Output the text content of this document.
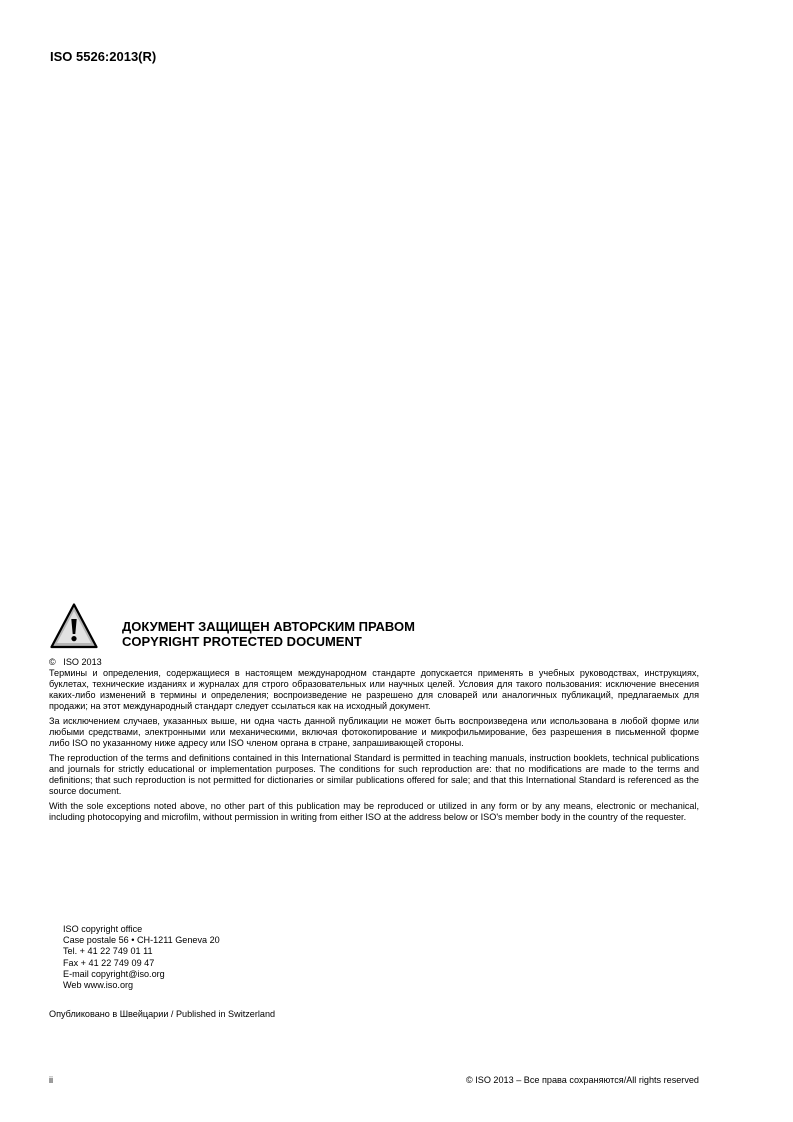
ISO 5526:2013(R)
ДОКУМЕНТ ЗАЩИЩЕН АВТОРСКИМ ПРАВОМ
COPYRIGHT PROTECTED DOCUMENT
© ISO 2013

Термины и определения, содержащиеся в настоящем международном стандарте допускается применять в учебных руководствах, инструкциях, буклетах, технические изданиях и журналах для строго образовательных или научных целей. Условия для такого пользования: исключение внесения каких-либо изменений в термины и определения; воспроизведение не разрешено для словарей или аналогичных публикаций, предлагаемых для продажи; на этот международный стандарт следует ссылаться как на исходный документ.

За исключением случаев, указанных выше, ни одна часть данной публикации не может быть воспроизведена или использована в любой форме или любыми средствами, электронными или механическими, включая фотокопирование и микрофильмирование, без разрешения в письменной форме либо ISO по указанному ниже адресу или ISO членом органа в стране, запрашивающей стороны.

The reproduction of the terms and definitions contained in this International Standard is permitted in teaching manuals, instruction booklets, technical publications and journals for strictly educational or implementation purposes. The conditions for such reproduction are: that no modifications are made to the terms and definitions; that such reproduction is not permitted for dictionaries or similar publications offered for sale; and that this International Standard is referenced as the source document.

With the sole exceptions noted above, no other part of this publication may be reproduced or utilized in any form or by any means, electronic or mechanical, including photocopying and microfilm, without permission in writing from either ISO at the address below or ISO's member body in the country of the requester.

ISO copyright office
Case postale 56 • CH-1211 Geneva 20
Tel. + 41 22 749 01 11
Fax + 41 22 749 09 47
E-mail copyright@iso.org
Web www.iso.org
Опубликовано в Швейцарии / Published in Switzerland
ii	© ISO 2013 – Все права сохраняются/All rights reserved
